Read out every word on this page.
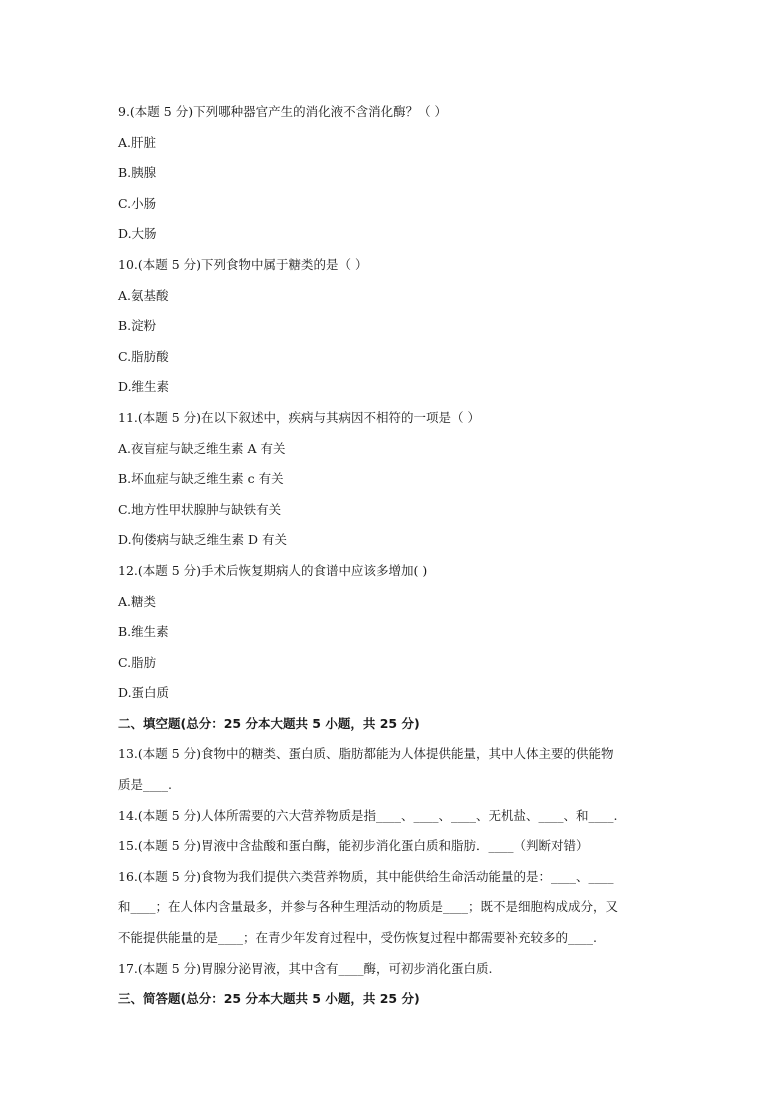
9.(本题 5 分)下列哪种器官产生的消化液不含消化酶？（ ）
A.肝脏
B.胰腺
C.小肠
D.大肠
10.(本题 5 分)下列食物中属于糖类的是（ ）
A.氨基酸
B.淀粉
C.脂肪酸
D.维生素
11.(本题 5 分)在以下叙述中，疾病与其病因不相符的一项是（ ）
A.夜盲症与缺乏维生素 A 有关
B.坏血症与缺乏维生素 c 有关
C.地方性甲状腺肿与缺铁有关
D.佝偻病与缺乏维生素 D 有关
12.(本题 5 分)手术后恢复期病人的食谱中应该多增加( )
A.糖类
B.维生素
C.脂肪
D.蛋白质
二、填空题(总分：25 分本大题共 5 小题，共 25 分)
13.(本题 5 分)食物中的糖类、蛋白质、脂肪都能为人体提供能量，其中人体主要的供能物
质是____.
14.(本题 5 分)人体所需要的六大营养物质是指____、____、____、无机盐、____、和____.
15.(本题 5 分)胃液中含盐酸和蛋白酶，能初步消化蛋白质和脂肪．____（判断对错）
16.(本题 5 分)食物为我们提供六类营养物质，其中能供给生命活动能量的是：____、____
和____；在人体内含量最多，并参与各种生理活动的物质是____；既不是细胞构成成分，又
不能提供能量的是____；在青少年发育过程中，受伤恢复过程中都需要补充较多的____.
17.(本题 5 分)胃腺分泌胃液，其中含有____酶，可初步消化蛋白质.
三、简答题(总分：25 分本大题共 5 小题，共 25 分)
